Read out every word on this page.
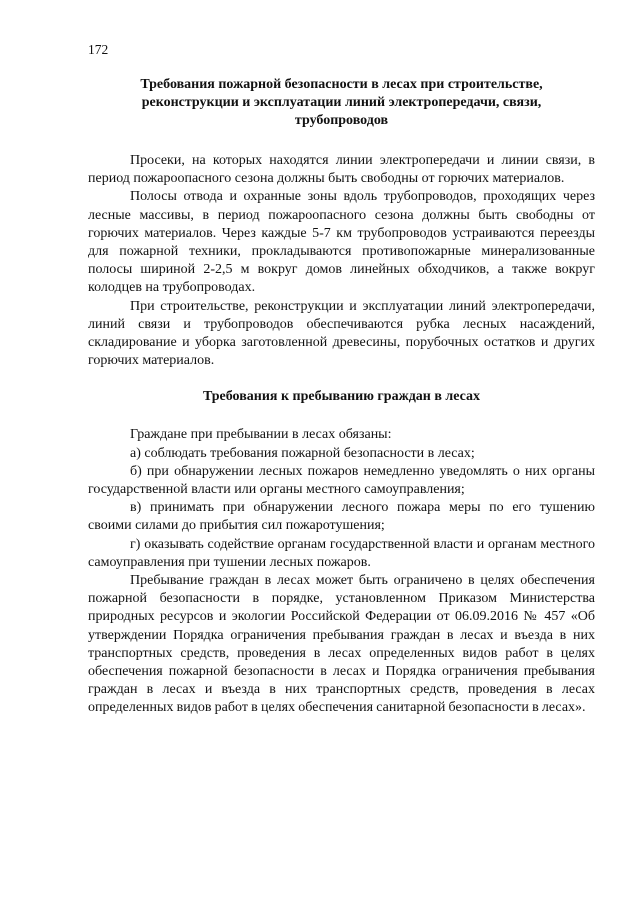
172
Требования пожарной безопасности в лесах при строительстве, реконструкции и эксплуатации линий электропередачи, связи, трубопроводов

Просеки, на которых находятся линии электропередачи и линии связи, в период пожароопасного сезона должны быть свободны от горючих материалов.

Полосы отвода и охранные зоны вдоль трубопроводов, проходящих через лесные массивы, в период пожароопасного сезона должны быть свободны от горючих материалов. Через каждые 5-7 км трубопроводов устраиваются переезды для пожарной техники, прокладываются противопожарные минерализованные полосы шириной 2-2,5 м вокруг домов линейных обходчиков, а также вокруг колодцев на трубопроводах.

При строительстве, реконструкции и эксплуатации линий электропередачи, линий связи и трубопроводов обеспечиваются рубка лесных насаждений, складирование и уборка заготовленной древесины, порубочных остатков и других горючих материалов.

Требования к пребыванию граждан в лесах

Граждане при пребывании в лесах обязаны:

а) соблюдать требования пожарной безопасности в лесах;

б) при обнаружении лесных пожаров немедленно уведомлять о них органы государственной власти или органы местного самоуправления;

в) принимать при обнаружении лесного пожара меры по его тушению своими силами до прибытия сил пожаротушения;

г) оказывать содействие органам государственной власти и органам местного самоуправления при тушении лесных пожаров.

Пребывание граждан в лесах может быть ограничено в целях обеспечения пожарной безопасности в порядке, установленном Приказом Министерства природных ресурсов и экологии Российской Федерации от 06.09.2016 № 457 «Об утверждении Порядка ограничения пребывания граждан в лесах и въезда в них транспортных средств, проведения в лесах определенных видов работ в целях обеспечения пожарной безопасности в лесах и Порядка ограничения пребывания граждан в лесах и въезда в них транспортных средств, проведения в лесах определенных видов работ в целях обеспечения санитарной безопасности в лесах».
